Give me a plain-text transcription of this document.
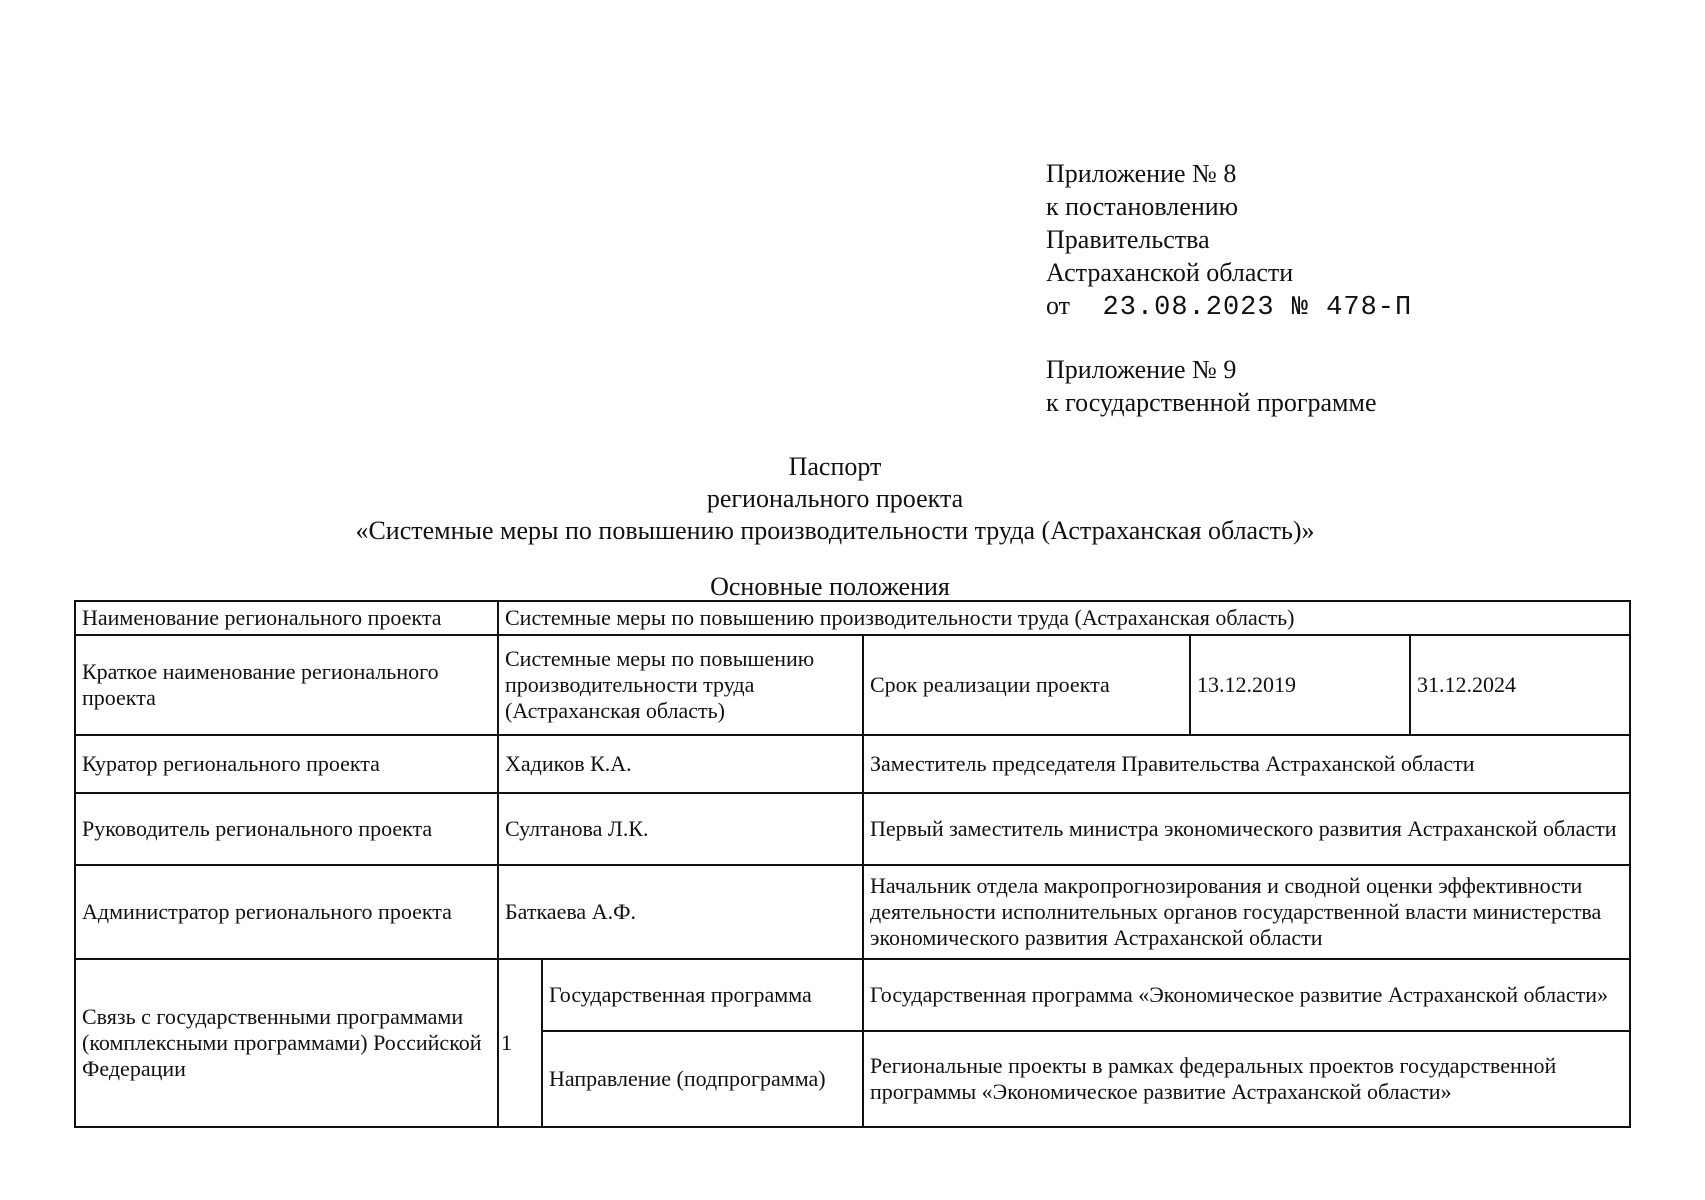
Приложение № 8
к постановлению
Правительства
Астраханской области
от 23.08.2023 № 478-П
Приложение № 9
к государственной программе
Паспорт
регионального проекта
«Системные меры по повышению производительности труда (Астраханская область)»
Основные положения
Наименование регионального проекта	Системные меры по повышению производительности труда (Астраханская область)				
Краткое наименование регионального проекта	Системные меры по повышению производительности труда (Астраханская область)		Срок реализации проекта	13.12.2019	31.12.2024
Куратор регионального проекта	Хадиков К.А.		Заместитель председателя Правительства Астраханской области		
Руководитель регионального проекта	Султанова Л.К.		Первый заместитель министра экономического развития Астраханской области		
Администратор регионального проекта	Баткаева А.Ф.		Начальник отдела макропрогнозирования и сводной оценки эффективности деятельности исполнительных органов государственной власти министерства экономического развития Астраханской области		
Связь с государственными программами (комплексными программами) Российской Федерации	1	Государственная программа	Государственная программа «Экономическое развитие Астраханской области»		
		Направление (подпрограмма)	Региональные проекты в рамках федеральных проектов государственной программы «Экономическое развитие Астраханской области»		
